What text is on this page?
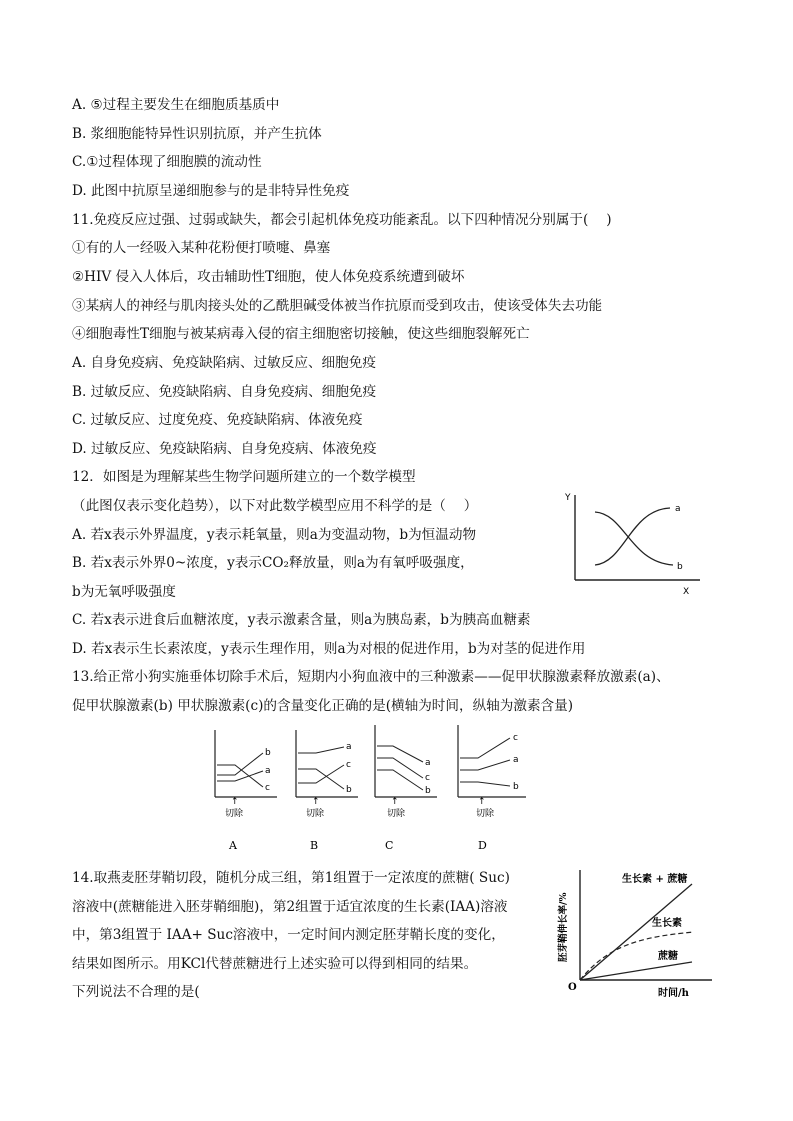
A. ⑤过程主要发生在细胞质基质中
B. 浆细胞能特异性识别抗原，并产生抗体
C.①过程体现了细胞膜的流动性
D. 此图中抗原呈递细胞参与的是非特异性免疫
11.免疫反应过强、过弱或缺失，都会引起机体免疫功能紊乱。以下四种情况分别属于(　 )
①有的人一经吸入某种花粉便打喷嚏、鼻塞
②HIV 侵入人体后，攻击辅助性T细胞，使人体免疫系统遭到破坏
③某病人的神经与肌肉接头处的乙酰胆碱受体被当作抗原而受到攻击，使该受体失去功能
④细胞毒性T细胞与被某病毒入侵的宿主细胞密切接触，使这些细胞裂解死亡
A. 自身免疫病、免疫缺陷病、过敏反应、细胞免疫
B. 过敏反应、免疫缺陷病、自身免疫病、细胞免疫
C. 过敏反应、过度免疫、免疫缺陷病、体液免疫
D. 过敏反应、免疫缺陷病、自身免疫病、体液免疫
12．如图是为理解某些生物学问题所建立的一个数学模型
（此图仅表示变化趋势），以下对此数学模型应用不科学的是（　 ）
A. 若x表示外界温度，y表示耗氧量，则a为变温动物，b为恒温动物
B. 若x表示外界0~浓度，y表示CO₂释放量，则a为有氧呼吸强度，
b为无氧呼吸强度
C. 若x表示进食后血糖浓度，y表示激素含量，则a为胰岛素，b为胰高血糖素
D. 若x表示生长素浓度，y表示生理作用，则a为对根的促进作用，b为对茎的促进作用
13.给正常小狗实施垂体切除手术后，短期内小狗血液中的三种激素——促甲状腺激素释放激素(a)、
促甲状腺激素(b) 甲状腺激素(c)的含量变化正确的是(横轴为时间，纵轴为激素含量)
14.取燕麦胚芽鞘切段，随机分成三组，第1组置于一定浓度的蔗糖( Suc)
溶液中(蔗糖能进入胚芽鞘细胞)，第2组置于适宜浓度的生长素(IAA)溶液
中，第3组置于 IAA+ Suc溶液中，一定时间内测定胚芽鞘长度的变化，
结果如图所示。用KCl代替蔗糖进行上述实验可以得到相同的结果。
下列说法不合理的是(
Y
X
a
b
b
a
c
↑
切除
A
a
c
b
↑
切除
B
a
c
b
↑
切除
C
c
a
b
↑
切除
D
生长素 + 蔗糖
生长素
蔗糖
O
时间/h
胚芽鞘伸长率/%
